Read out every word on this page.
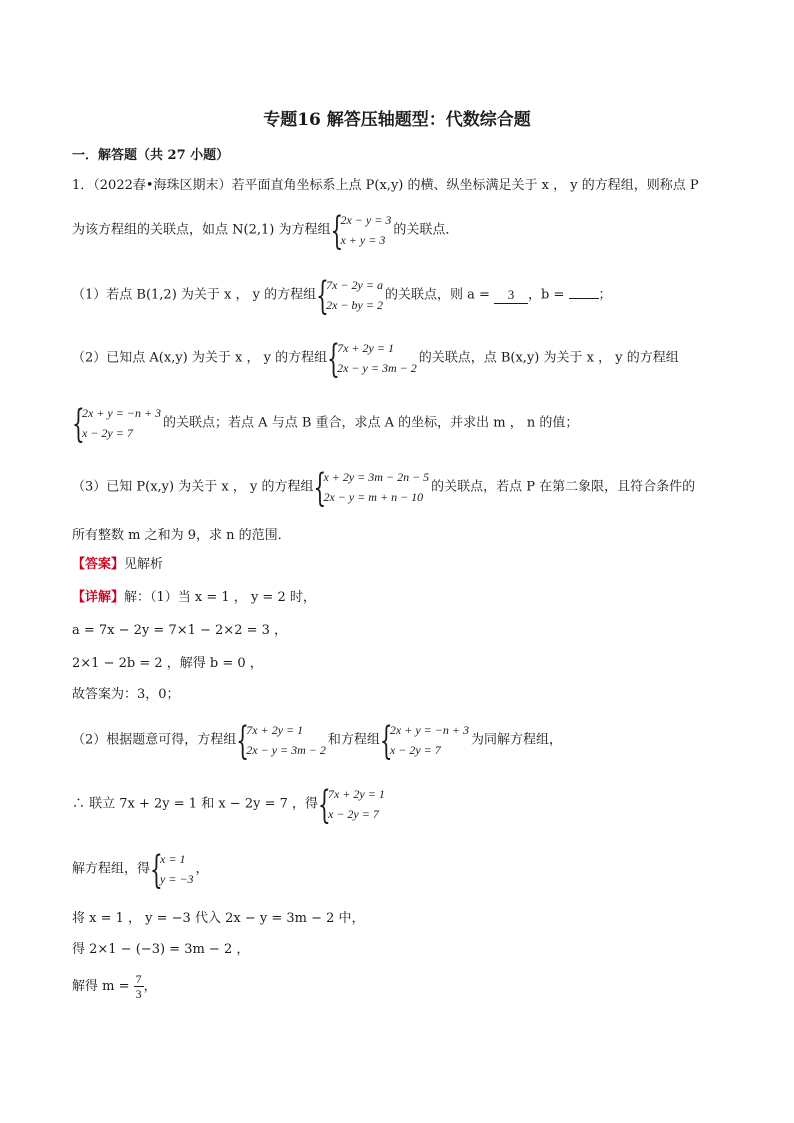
专题16 解答压轴题型：代数综合题
一．解答题（共 27 小题）
1．（2022春•海珠区期末）若平面直角坐标系上点 P(x,y) 的横、纵坐标满足关于 x ， y 的方程组，则称点 P
为该方程组的关联点，如点 N(2,1) 为方程组
{ 2x − y = 3
x + y = 3
的关联点．
（1）若点 B(1,2) 为关于 x ， y 的方程组
{ 7x − 2y = a
2x − by = 2
的关联点，则 a = 3 ，b =	；
（2）已知点 A(x,y) 为关于 x ， y 的方程组
{ 7x + 2y = 1
2x − y = 3m − 2
的关联点，点 B(x,y) 为关于 x ， y 的方程组
{ 2x + y = −n + 3
x − 2y = 7
的关联点；若点 A 与点 B 重合，求点 A 的坐标，并求出 m ， n 的值；
（3）已知 P(x,y) 为关于 x ， y 的方程组
{ x + 2y = 3m − 2n − 5
2x − y = m + n − 10
的关联点，若点 P 在第二象限，且符合条件的
所有整数 m 之和为 9，求 n 的范围．
【答案】见解析
【详解】解：（1）当 x = 1 ， y = 2 时，
a = 7x − 2y = 7×1 − 2×2 = 3 ，
2×1 − 2b = 2 ，解得 b = 0 ，
故答案为：3，0；
（2）根据题意可得，方程组
{ 7x + 2y = 1
2x − y = 3m − 2
和方程组
{ 2x + y = −n + 3
x − 2y = 7
为同解方程组，
∴ 联立 7x + 2y = 1 和 x − 2y = 7 ，得
{ 7x + 2y = 1
x − 2y = 7
解方程组，得
{ x = 1
y = −3
，
将 x = 1 ， y = −3 代入 2x − y = 3m − 2 中，
得 2×1 − (−3) = 3m − 2 ，
解得 $m = \frac{7}{3}$ ，
